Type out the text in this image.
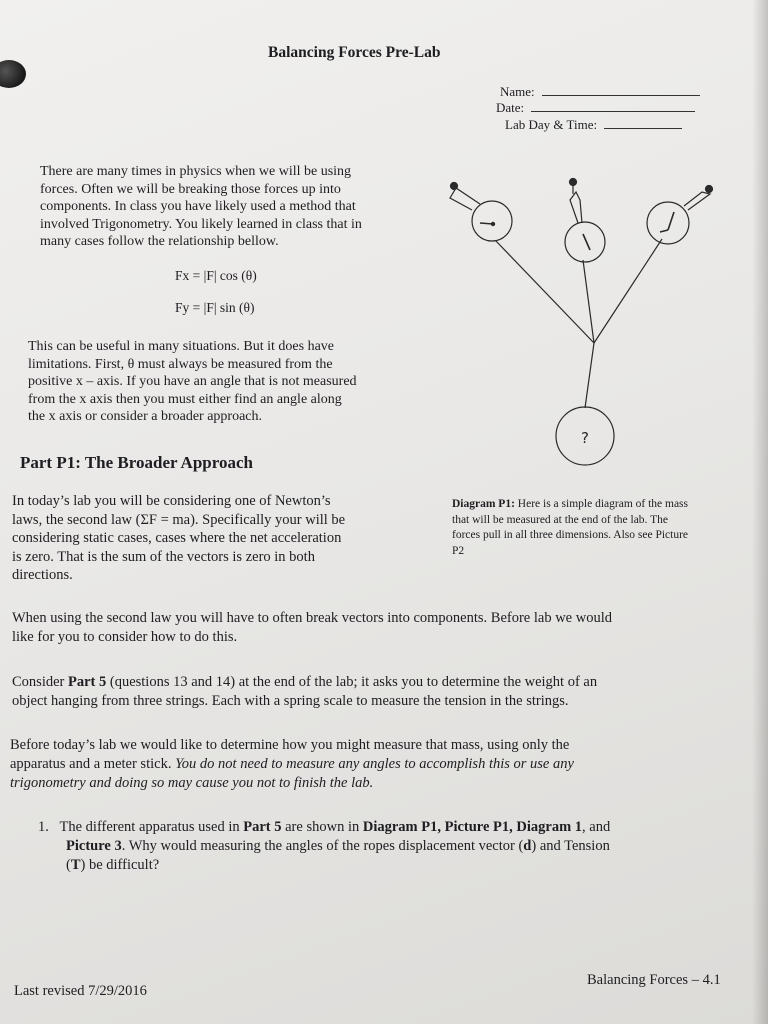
Balancing Forces Pre-Lab
Name:
Date:
Lab Day & Time:
There are many times in physics when we will be using
forces. Often we will be breaking those forces up into
components. In class you have likely used a method that
involved Trigonometry. You likely learned in class that in
many cases follow the relationship bellow.
Fx = |F| cos (θ)
Fy = |F| sin (θ)
This can be useful in many situations. But it does have
limitations. First, θ must always be measured from the
positive x – axis. If you have an angle that is not measured
from the x axis then you must either find an angle along
the x axis or consider a broader approach.
Part P1: The Broader Approach
In today’s lab you will be considering one of Newton’s
laws, the second law (ΣF = ma). Specifically your will be
considering static cases, cases where the net acceleration
is zero. That is the sum of the vectors is zero in both
directions.
?
Diagram P1: Here is a simple diagram of the mass
that will be measured at the end of the lab. The
forces pull in all three dimensions. Also see Picture
P2
When using the second law you will have to often break vectors into components. Before lab we would
like for you to consider how to do this.
Consider Part 5 (questions 13 and 14) at the end of the lab; it asks you to determine the weight of an
object hanging from three strings. Each with a spring scale to measure the tension in the strings.
Before today’s lab we would like to determine how you might measure that mass, using only the
apparatus and a meter stick. You do not need to measure any angles to accomplish this or use any
trigonometry and doing so may cause you not to finish the lab.
1. The different apparatus used in Part 5 are shown in Diagram P1, Picture P1, Diagram 1, and
Picture 3. Why would measuring the angles of the ropes displacement vector (d) and Tension
(T) be difficult?
Last revised 7/29/2016
Balancing Forces – 4.1
